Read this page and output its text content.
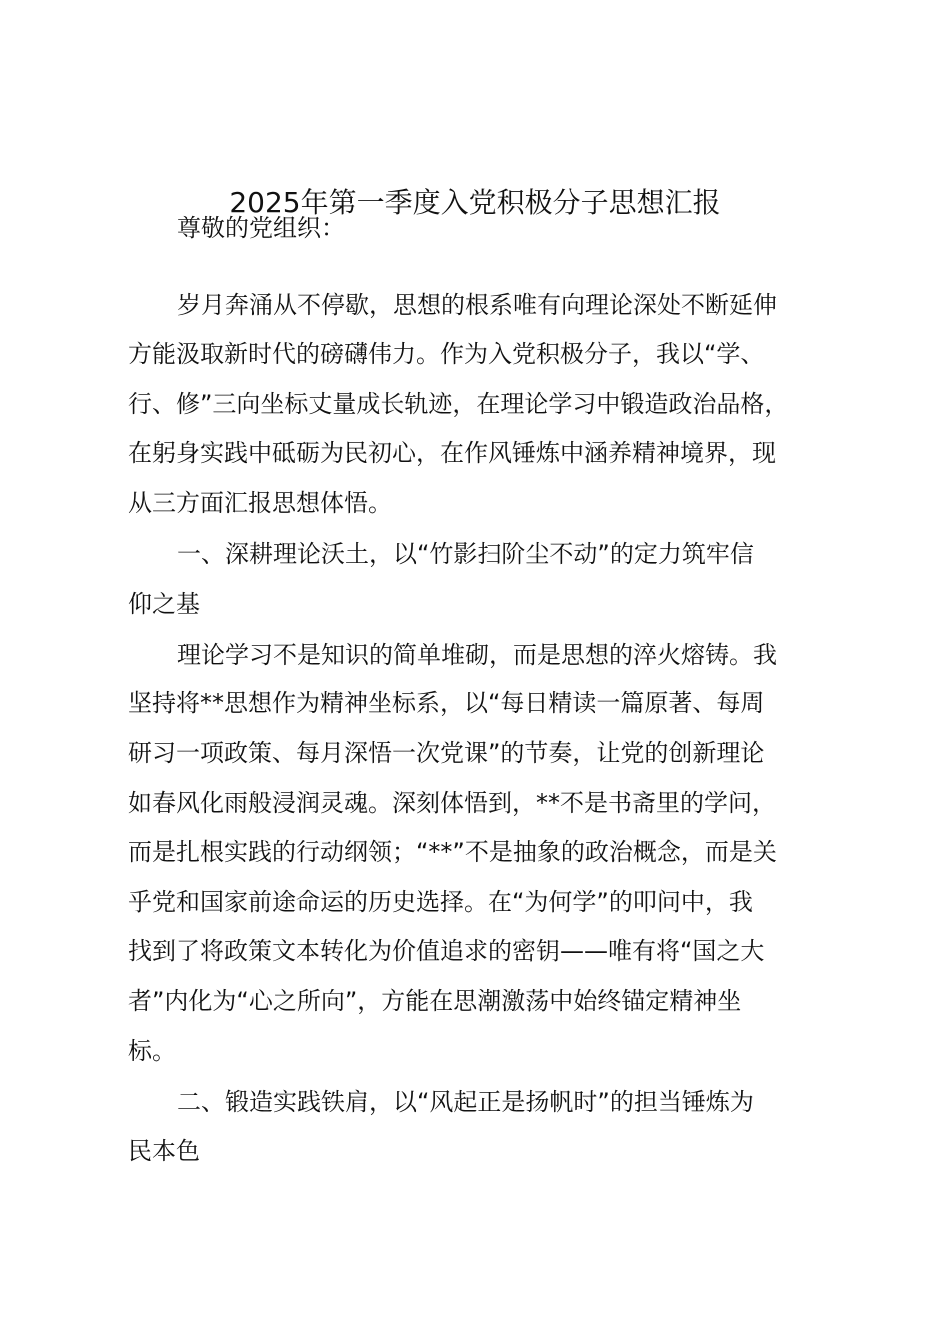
2025年第一季度入党积极分子思想汇报
尊敬的党组织：
岁月奔涌从不停歇，思想的根系唯有向理论深处不断延伸
方能汲取新时代的磅礴伟力。作为入党积极分子，我以“学、
行、修”三向坐标丈量成长轨迹，在理论学习中锻造政治品格，
在躬身实践中砥砺为民初心，在作风锤炼中涵养精神境界，现
从三方面汇报思想体悟。
一、深耕理论沃土，以“竹影扫阶尘不动”的定力筑牢信
仰之基
理论学习不是知识的简单堆砌，而是思想的淬火熔铸。我
坚持将**思想作为精神坐标系，以“每日精读一篇原著、每周
研习一项政策、每月深悟一次党课”的节奏，让党的创新理论
如春风化雨般浸润灵魂。深刻体悟到，**不是书斋里的学问，
而是扎根实践的行动纲领；“**”不是抽象的政治概念，而是关
乎党和国家前途命运的历史选择。在“为何学”的叩问中，我
找到了将政策文本转化为价值追求的密钥——唯有将“国之大
者”内化为“心之所向”，方能在思潮激荡中始终锚定精神坐
标。
二、锻造实践铁肩，以“风起正是扬帆时”的担当锤炼为
民本色
